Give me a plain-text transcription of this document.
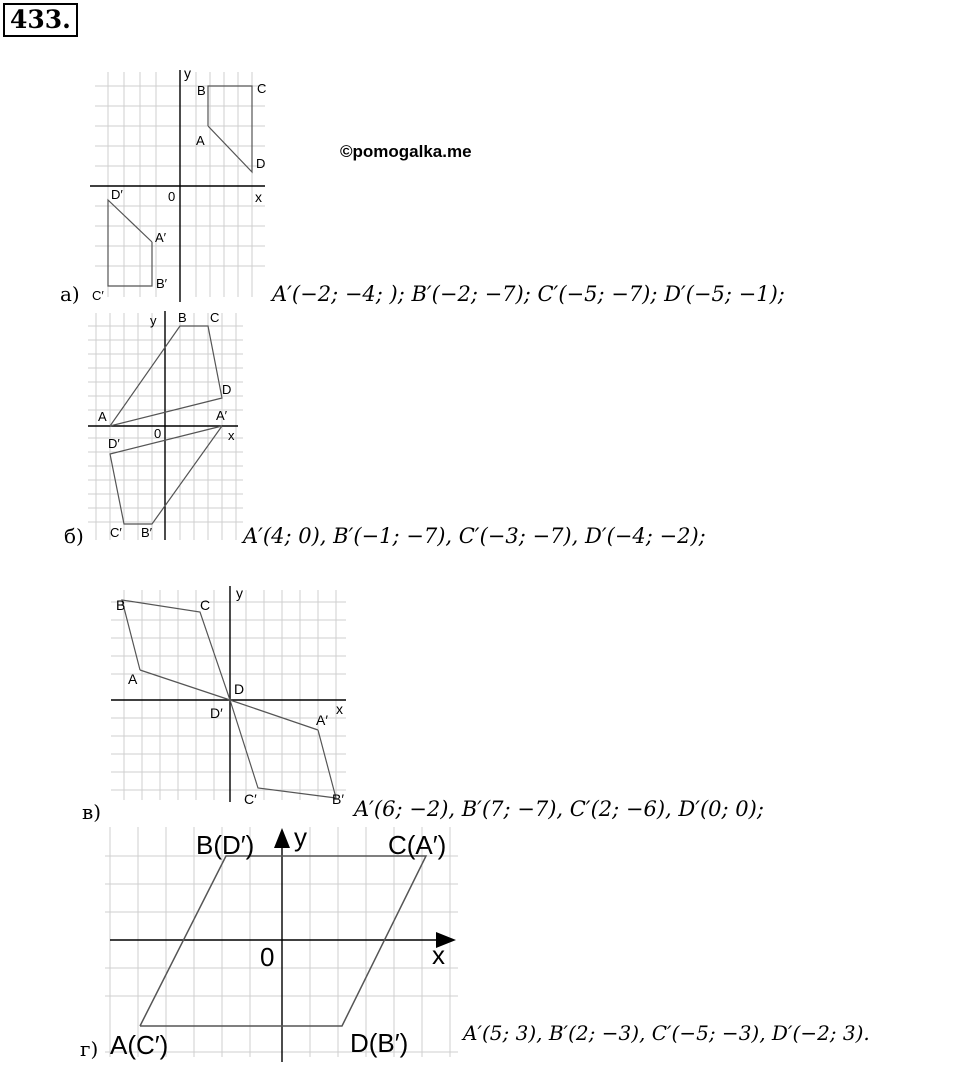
433.
©pomogalka.me
y
x
0
B	C
A
D
D′
A′
B′
C′
а)	A′(−2; −4; ); B′(−2; −7); C′(−5; −7); D′(−5; −1);
y
x
0
B C
D
A	A′
D′
C′ B′
б)	A′(4; 0), B′(−1; −7), C′(−3; −7), D′(−4; −2);
y
x
B	C
A
D
D′	A′
C′	B′
в)	A′(6; −2), B′(7; −7), C′(2; −6), D′(0; 0);
B(D′) y	C(A′)
0	x
A(C′)	D(B′)
г)
A′(5; 3), B′(2; −3), C′(−5; −3), D′(−2; 3).
